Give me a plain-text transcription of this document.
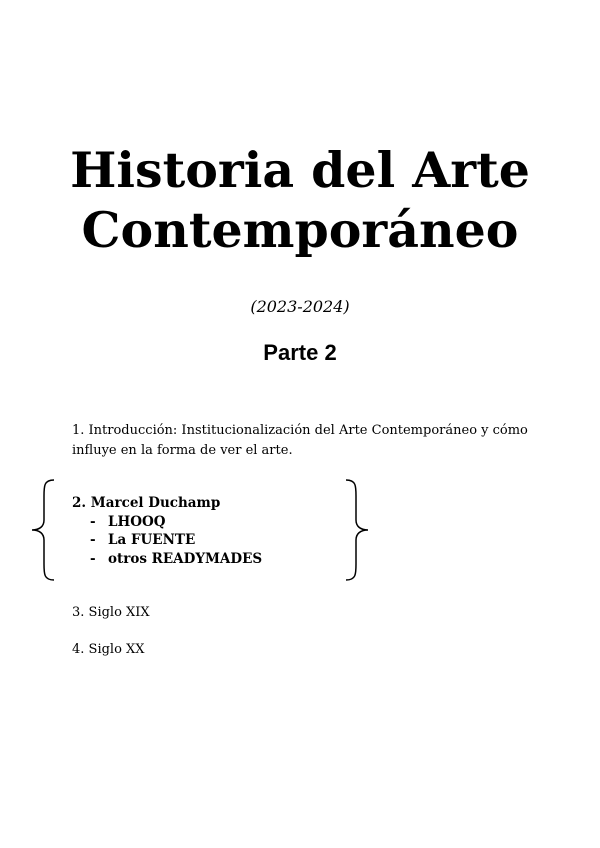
Historia del Arte
Contemporáneo
(2023-2024)
Parte 2
1. Introducción: Institucionalización del Arte Contemporáneo y cómo
influye en la forma de ver el arte.
2. Marcel Duchamp
- LHOOQ
- La FUENTE
- otros READYMADES
3. Siglo XIX
4. Siglo XX
